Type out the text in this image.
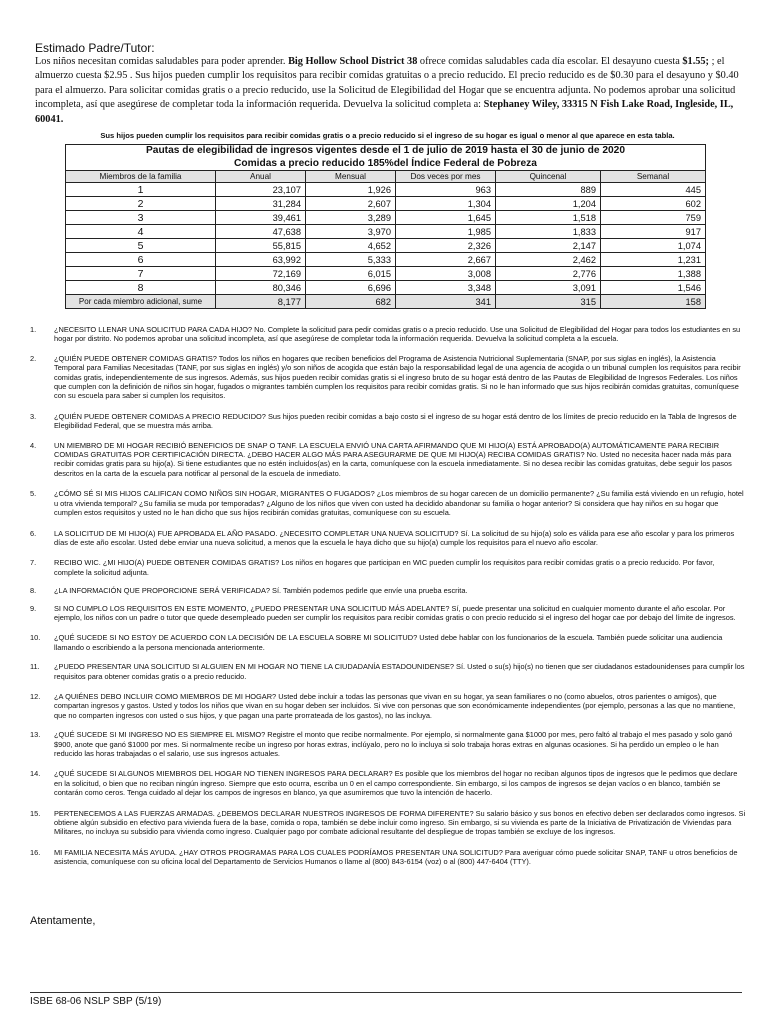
Estimado Padre/Tutor:

Los niños necesitan comidas saludables para poder aprender. Big Hollow School District 38 ofrece comidas saludables cada día escolar. El desayuno cuesta $1.55; ; el almuerzo cuesta $2.95 . Sus hijos pueden cumplir los requisitos para recibir comidas gratuitas o a precio reducido. El precio reducido es de $0.30 para el desayuno y $0.40 para el almuerzo. Para solicitar comidas gratis o a precio reducido, use la Solicitud de Elegibilidad del Hogar que se encuentra adjunta. No podemos aprobar una solicitud incompleta, así que asegúrese de completar toda la información requerida. Devuelva la solicitud completa a: Stephaney Wiley, 33315 N Fish Lake Road, Ingleside, IL, 60041.

Sus hijos pueden cumplir los requisitos para recibir comidas gratis o a precio reducido si el ingreso de su hogar es igual o menor al que aparece en esta tabla.
Pautas de elegibilidad de ingresos vigentes desde el 1 de julio de 2019 hasta el 30 de junio de 2020					
Comidas a precio reducido 185%del Índice Federal de Pobreza					
Miembros de la familia	Anual	Mensual	Dos veces por mes	Quincenal	Semanal
1	23,107	1,926	963	889	445
2	31,284	2,607	1,304	1,204	602
3	39,461	3,289	1,645	1,518	759
4	47,638	3,970	1,985	1,833	917
5	55,815	4,652	2,326	2,147	1,074
6	63,992	5,333	2,667	2,462	1,231
7	72,169	6,015	3,008	2,776	1,388
8	80,346	6,696	3,348	3,091	1,546
Por cada miembro adicional, sume	8,177	682	341	315	158
1. ¿NECESITO LLENAR UNA SOLICITUD PARA CADA HIJO? No. Complete la solicitud para pedir comidas gratis o a precio reducido. Use una Solicitud de Elegibilidad del Hogar para todos los estudiantes en su hogar por distrito. No podemos aprobar una solicitud incompleta, así que asegúrese de completar toda la información requerida. Devuelva la solicitud completa a la escuela.
2. ¿QUIÉN PUEDE OBTENER COMIDAS GRATIS? Todos los niños en hogares que reciben beneficios del Programa de Asistencia Nutricional Suplementaria (SNAP, por sus siglas en inglés), la Asistencia Temporal para Familias Necesitadas (TANF, por sus siglas en inglés) y/o son niños de acogida que están bajo la responsabilidad legal de una agencia de acogida o un tribunal cumplen los requisitos para recibir comidas gratis, independientemente de sus ingresos. Además, sus hijos pueden recibir comidas gratis si el ingreso bruto de su hogar está dentro de las Pautas de Elegibilidad de Ingresos Federales. Los niños que cumplen con la definición de niños sin hogar, fugados o migrantes también cumplen los requisitos para recibir comidas gratis. Si no le han informado que sus hijos recibirán comidas gratuitas, comuníquese con su escuela para saber si cumplen los requisitos.
3. ¿QUIÉN PUEDE OBTENER COMIDAS A PRECIO REDUCIDO? Sus hijos pueden recibir comidas a bajo costo si el ingreso de su hogar está dentro de los límites de precio reducido en la Tabla de Ingresos de Elegibilidad Federal, que se muestra más arriba.
4. UN MIEMBRO DE MI HOGAR RECIBIÓ BENEFICIOS DE SNAP O TANF. LA ESCUELA ENVIÓ UNA CARTA AFIRMANDO QUE MI HIJO(A) ESTÁ APROBADO(A) AUTOMÁTICAMENTE PARA RECIBIR COMIDAS GRATUITAS POR CERTIFICACIÓN DIRECTA. ¿DEBO HACER ALGO MÁS PARA ASEGURARME DE QUE MI HIJO(A) RECIBA COMIDAS GRATIS? No. Usted no necesita hacer nada más para recibir comidas gratis para su hijo(a). Si tiene estudiantes que no estén incluidos(as) en la carta, comuníquese con la escuela inmediatamente. Si no desea recibir las comidas gratuitas, debe seguir los pasos descritos en la carta de la escuela para notificar al personal de la escuela de inmediato.
5. ¿CÓMO SÉ SI MIS HIJOS CALIFICAN COMO NIÑOS SIN HOGAR, MIGRANTES O FUGADOS? ¿Los miembros de su hogar carecen de un domicilio permanente? ¿Su familia está viviendo en un refugio, hotel u otra vivienda temporal? ¿Su familia se muda por temporadas? ¿Alguno de los niños que viven con usted ha decidido abandonar su familia o hogar anterior? Si considera que hay niños en su hogar que cumplen estos requisitos y usted no le han dicho que sus hijos recibirán comidas gratuitas, comuníquese con su escuela.
6. LA SOLICITUD DE MI HIJO(A) FUE APROBADA EL AÑO PASADO. ¿NECESITO COMPLETAR UNA NUEVA SOLICITUD? Sí. La solicitud de su hijo(a) solo es válida para ese año escolar y para los primeros días de este año escolar. Usted debe enviar una nueva solicitud, a menos que la escuela le haya dicho que su hijo(a) cumple los requisitos para el nuevo año escolar.
7. RECIBO WIC. ¿MI HIJO(A) PUEDE OBTENER COMIDAS GRATIS? Los niños en hogares que participan en WIC pueden cumplir los requisitos para recibir comidas gratis o a precio reducido. Por favor, complete la solicitud adjunta.
8. ¿LA INFORMACIÓN QUE PROPORCIONE SERÁ VERIFICADA? Sí. También podemos pedirle que envíe una prueba escrita.
9. SI NO CUMPLO LOS REQUISITOS EN ESTE MOMENTO, ¿PUEDO PRESENTAR UNA SOLICITUD MÁS ADELANTE? Sí, puede presentar una solicitud en cualquier momento durante el año escolar. Por ejemplo, los niños con un padre o tutor que quede desempleado pueden ser cumplir los requisitos para recibir comidas gratis o con precio reducido si el ingreso del hogar cae por debajo del límite de ingresos.
10. ¿QUÉ SUCEDE SI NO ESTOY DE ACUERDO CON LA DECISIÓN DE LA ESCUELA SOBRE MI SOLICITUD? Usted debe hablar con los funcionarios de la escuela. También puede solicitar una audiencia llamando o escribiendo a la persona mencionada anteriormente.
11. ¿PUEDO PRESENTAR UNA SOLICITUD SI ALGUIEN EN MI HOGAR NO TIENE LA CIUDADANÍA ESTADOUNIDENSE? Sí. Usted o su(s) hijo(s) no tienen que ser ciudadanos estadounidenses para cumplir los requisitos para obtener comidas gratis o a precio reducido.
12. ¿A QUIÉNES DEBO INCLUIR COMO MIEMBROS DE MI HOGAR? Usted debe incluir a todas las personas que vivan en su hogar, ya sean familiares o no (como abuelos, otros parientes o amigos), que compartan ingresos y gastos. Usted y todos los niños que vivan en su hogar deben ser incluidos. Si vive con personas que son económicamente independientes (por ejemplo, personas a las que no mantiene, que no comparten ingresos con usted o sus hijos, y que pagan una parte prorrateada de los gastos), no las incluya.
13. ¿QUÉ SUCEDE SI MI INGRESO NO ES SIEMPRE EL MISMO? Registre el monto que recibe normalmente. Por ejemplo, si normalmente gana $1000 por mes, pero faltó al trabajo el mes pasado y solo ganó $900, anote que ganó $1000 por mes. Si normalmente recibe un ingreso por horas extras, inclúyalo, pero no lo incluya si solo trabaja horas extras en algunas ocasiones. Si ha perdido un empleo o le han reducido las horas trabajadas o el salario, use sus ingresos actuales.
14. ¿QUÉ SUCEDE SI ALGUNOS MIEMBROS DEL HOGAR NO TIENEN INGRESOS PARA DECLARAR? Es posible que los miembros del hogar no reciban algunos tipos de ingresos que le pedimos que declare en la solicitud, o bien que no reciban ningún ingreso. Siempre que esto ocurra, escriba un 0 en el campo correspondiente. Sin embargo, si los campos de ingresos se dejan vacíos o en blanco, también se contarán como ceros. Tenga cuidado al dejar los campos de ingresos en blanco, ya que asumiremos que tuvo la intención de hacerlo.
15. PERTENECEMOS A LAS FUERZAS ARMADAS. ¿DEBEMOS DECLARAR NUESTROS INGRESOS DE FORMA DIFERENTE? Su salario básico y sus bonos en efectivo deben ser declarados como ingresos. Si obtiene algún subsidio en efectivo para vivienda fuera de la base, comida o ropa, también se debe incluir como ingreso. Sin embargo, si su vivienda es parte de la Iniciativa de Privatización de Viviendas para Militares, no incluya su subsidio para vivienda como ingreso. Cualquier pago por combate adicional resultante del despliegue de tropas también se excluye de los ingresos.
16. MI FAMILIA NECESITA MÁS AYUDA. ¿HAY OTROS PROGRAMAS PARA LOS CUALES PODRÍAMOS PRESENTAR UNA SOLICITUD? Para averiguar cómo puede solicitar SNAP, TANF u otros beneficios de asistencia, comuníquese con su oficina local del Departamento de Servicios Humanos o llame al (800) 843-6154 (voz) o al (800) 447-6404 (TTY).
Atentamente,
ISBE 68-06 NSLP SBP (5/19)
